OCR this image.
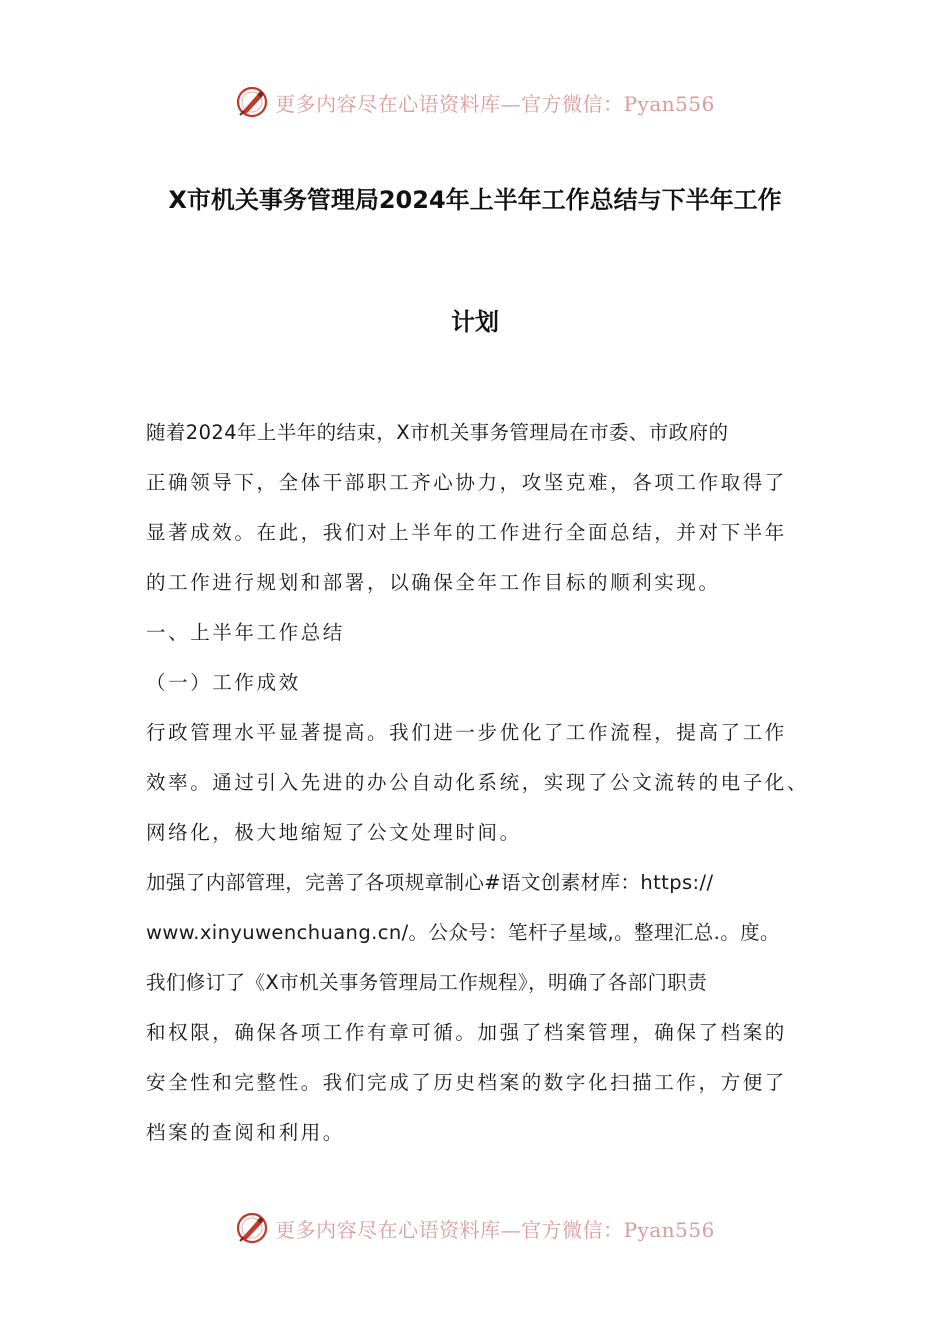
更多内容尽在心语资料库—官方微信：Pyan556
X市机关事务管理局2024年上半年工作总结与下半年工作
计划
随着2024年上半年的结束，X市机关事务管理局在市委、市政府的
正确领导下，全体干部职工齐心协力，攻坚克难，各项工作取得了
显著成效。在此，我们对上半年的工作进行全面总结，并对下半年
的工作进行规划和部署，以确保全年工作目标的顺利实现。
一、上半年工作总结
（一）工作成效
行政管理水平显著提高。我们进一步优化了工作流程，提高了工作
效率。通过引入先进的办公自动化系统，实现了公文流转的电子化、
网络化，极大地缩短了公文处理时间。
加强了内部管理，完善了各项规章制心#语文创素材库：https://
www.xinyuwenchuang.cn/。公众号：笔杆子星域,。整理汇总.。度。
我们修订了《X市机关事务管理局工作规程》，明确了各部门职责
和权限，确保各项工作有章可循。加强了档案管理，确保了档案的
安全性和完整性。我们完成了历史档案的数字化扫描工作，方便了
档案的查阅和利用。
更多内容尽在心语资料库—官方微信：Pyan556
